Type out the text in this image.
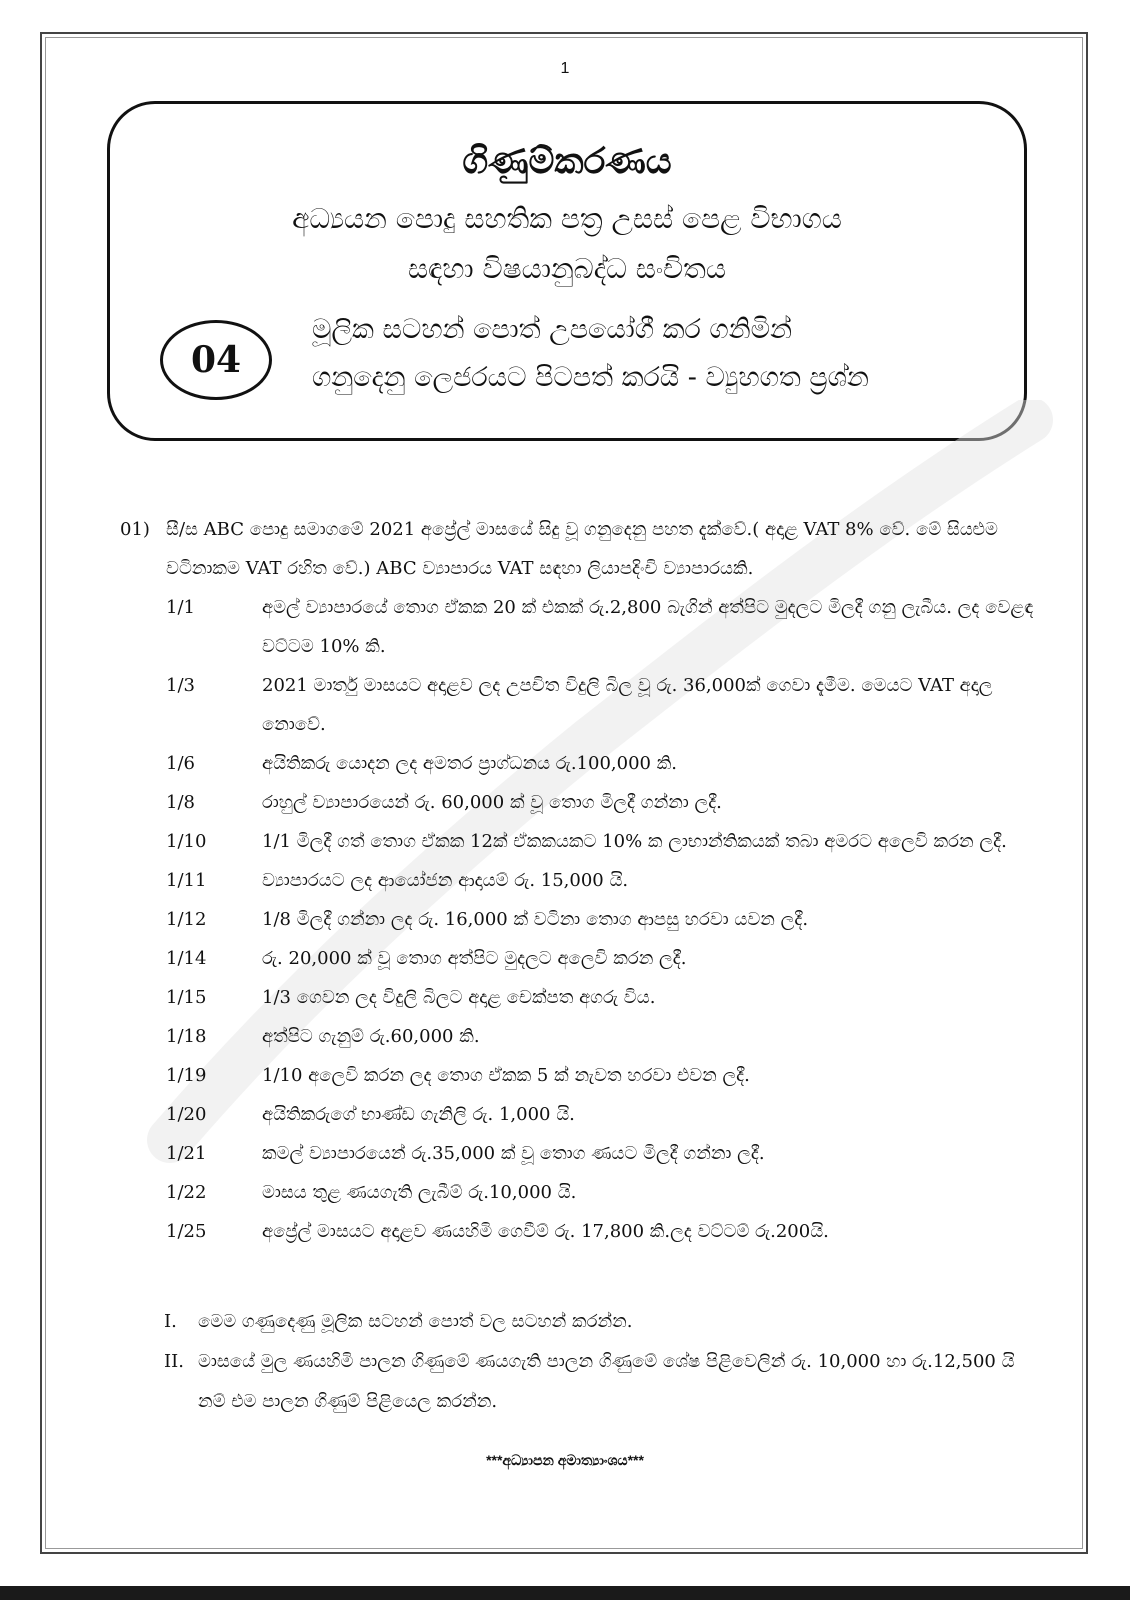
1
ගිණුම්කරණය
අධ්‍යයන පොදු සහතික පත්‍ර උසස් පෙළ විභාගය
සඳහා විෂයානුබද්ධ සංචිතය
04
මූලික සටහන් පොත් උපයෝගී කර ගනිමින්
ගනුදෙනු ලෙජරයට පිටපත් කරයි - ව්‍යුහගත ප්‍රශ්න
01) සී/ස ABC පොදු සමාගමේ 2021 අප්‍රේල් මාසයේ සිදු වූ ගනුදෙනු පහත දැක්වේ.( අදාළ VAT 8% වේ. මේ සියළුම වටිනාකම VAT රහිත වේ.) ABC ව්‍යාපාරය VAT සඳහා ලියාපදිංචි ව්‍යාපාරයකි.
1/1	අමල් ව්‍යාපාරයේ තොග ඒකක 20 ක් එකක් රු.2,800 බැගින් අත්පිට මුදලට මිලදී ගනු ලැබීය. ලද වෙළඳ වට්ටම 10% කි.
1/3	2021 මාර්තු මාසයට අදාළව ලද උපචිත විදුලි බිල වූ රු. 36,000ක් ගෙවා දැමීම. මෙයට VAT අදාල නොවේ.
1/6	අයිතිකරු යොදන ලද අමතර ප්‍රාග්ධනය රු.100,000 කි.
1/8	රාහුල් ව්‍යාපාරයෙන් රු. 60,000 ක් වූ තොග මිලදී ගන්නා ලදී.
1/10	1/1 මිලදී ගත් තොග ඒකක 12ක් ඒකකයකට 10% ක ලාභාන්තිකයක් තබා අමරට අලෙවි කරන ලදී.
1/11	ව්‍යාපාරයට ලද ආයෝජන ආදායම් රු. 15,000 යි.
1/12	1/8 මිලදී ගන්නා ලද රු. 16,000 ක් වටිනා තොග ආපසු හරවා යවන ලදී.
1/14	රු. 20,000 ක් වූ තොග අත්පිට මුදලට අලෙවි කරන ලදී.
1/15	1/3 ගෙවන ලද විදුලි බිලට අදාළ චෙක්පත අගරු විය.
1/18	අත්පිට ගැනුම් රු.60,000 කි.
1/19	1/10 අලෙවි කරන ලද තොග ඒකක 5 ක් නැවත හරවා එවන ලදී.
1/20	අයිතිකරුගේ භාණ්ඩ ගැනිලි රු. 1,000 යි.
1/21	කමල් ව්‍යාපාරයෙන් රු.35,000 ක් වූ තොග ණයට මිලදී ගන්නා ලදී.
1/22	මාසය තුළ ණයගැති ලැබීම් රු.10,000 යි.
1/25	අප්‍රේල් මාසයට අදාළව ණයහිමි ගෙවීම් රු. 17,800 කි.ලද වට්ටම් රු.200යි.
I.	මෙම ගණුදෙණු මූලික සටහන් පොත් වල සටහන් කරන්න.
II. මාසයේ මුල ණයහිමි පාලන ගිණුමේ ණයගැති පාලන ගිණුමේ ශේෂ පිළිවෙලින් රු. 10,000 හා රු.12,500 යි නම් එම පාලන ගිණුම් පිළියෙල කරන්න.
***අධ්‍යාපන අමාත්‍යාංශය***
